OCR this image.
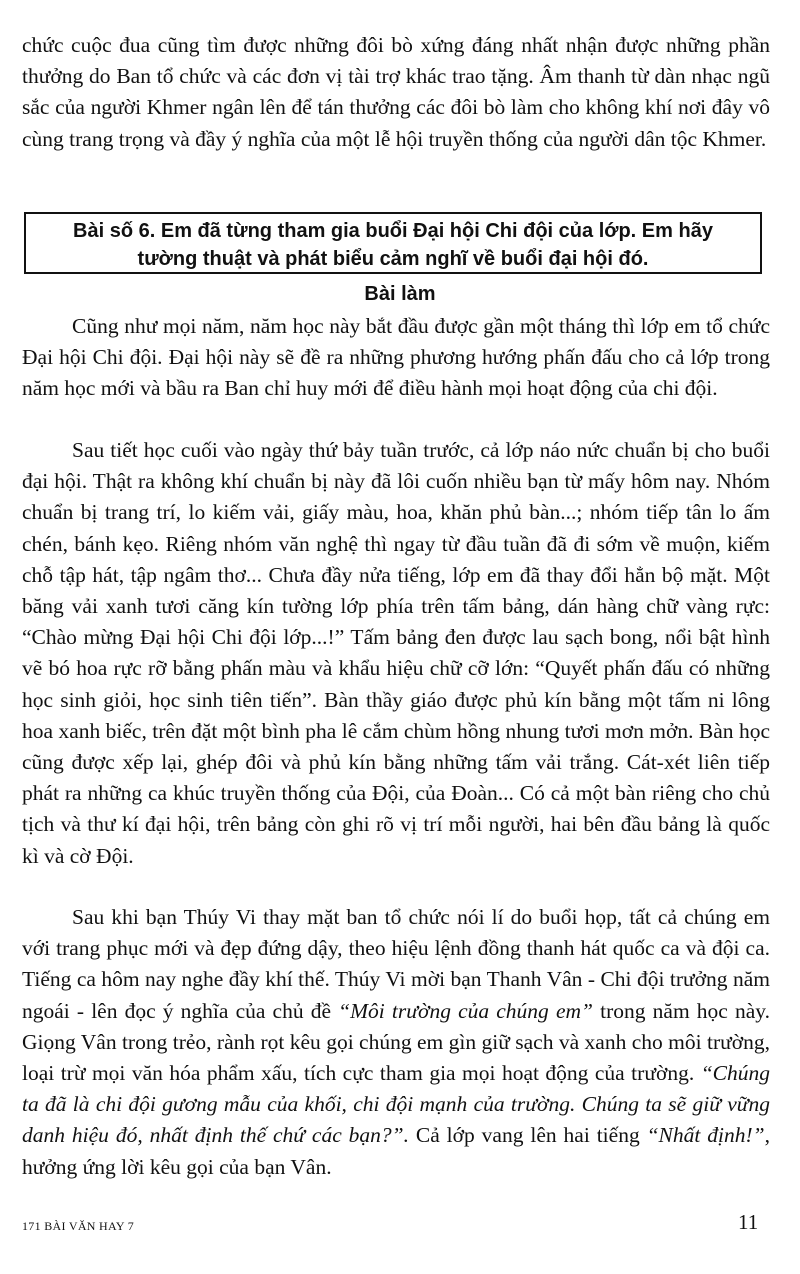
chức cuộc đua cũng tìm được những đôi bò xứng đáng nhất nhận được những phần thưởng do Ban tổ chức và các đơn vị tài trợ khác trao tặng. Âm thanh từ dàn nhạc ngũ sắc của người Khmer ngân lên để tán thưởng các đôi bò làm cho không khí nơi đây vô cùng trang trọng và đầy ý nghĩa của một lễ hội truyền thống của người dân tộc Khmer.
Bài số 6. Em đã từng tham gia buổi Đại hội Chi đội của lớp. Em hãy
tường thuật và phát biểu cảm nghĩ về buổi đại hội đó.
Bài làm
Cũng như mọi năm, năm học này bắt đầu được gần một tháng thì lớp em tổ chức Đại hội Chi đội. Đại hội này sẽ đề ra những phương hướng phấn đấu cho cả lớp trong năm học mới và bầu ra Ban chỉ huy mới để điều hành mọi hoạt động của chi đội.
Sau tiết học cuối vào ngày thứ bảy tuần trước, cả lớp náo nức chuẩn bị cho buổi đại hội. Thật ra không khí chuẩn bị này đã lôi cuốn nhiều bạn từ mấy hôm nay. Nhóm chuẩn bị trang trí, lo kiếm vải, giấy màu, hoa, khăn phủ bàn...; nhóm tiếp tân lo ấm chén, bánh kẹo. Riêng nhóm văn nghệ thì ngay từ đầu tuần đã đi sớm về muộn, kiếm chỗ tập hát, tập ngâm thơ... Chưa đầy nửa tiếng, lớp em đã thay đổi hẳn bộ mặt. Một băng vải xanh tươi căng kín tường lớp phía trên tấm bảng, dán hàng chữ vàng rực: “Chào mừng Đại hội Chi đội lớp...!” Tấm bảng đen được lau sạch bong, nổi bật hình vẽ bó hoa rực rỡ bằng phấn màu và khẩu hiệu chữ cỡ lớn: “Quyết phấn đấu có những học sinh giỏi, học sinh tiên tiến”. Bàn thầy giáo được phủ kín bằng một tấm ni lông hoa xanh biếc, trên đặt một bình pha lê cắm chùm hồng nhung tươi mơn mởn. Bàn học cũng được xếp lại, ghép đôi và phủ kín bằng những tấm vải trắng. Cát-xét liên tiếp phát ra những ca khúc truyền thống của Đội, của Đoàn... Có cả một bàn riêng cho chủ tịch và thư kí đại hội, trên bảng còn ghi rõ vị trí mỗi người, hai bên đầu bảng là quốc kì và cờ Đội.
Sau khi bạn Thúy Vi thay mặt ban tổ chức nói lí do buổi họp, tất cả chúng em với trang phục mới và đẹp đứng dậy, theo hiệu lệnh đồng thanh hát quốc ca và đội ca. Tiếng ca hôm nay nghe đầy khí thế. Thúy Vi mời bạn Thanh Vân - Chi đội trưởng năm ngoái - lên đọc ý nghĩa của chủ đề “Môi trường của chúng em” trong năm học này. Giọng Vân trong trẻo, rành rọt kêu gọi chúng em gìn giữ sạch và xanh cho môi trường, loại trừ mọi văn hóa phẩm xấu, tích cực tham gia mọi hoạt động của trường. “Chúng ta đã là chi đội gương mẫu của khối, chi đội mạnh của trường. Chúng ta sẽ giữ vững danh hiệu đó, nhất định thế chứ các bạn?”. Cả lớp vang lên hai tiếng “Nhất định!”, hưởng ứng lời kêu gọi của bạn Vân.
171 BÀI VĂN HAY 7	11
